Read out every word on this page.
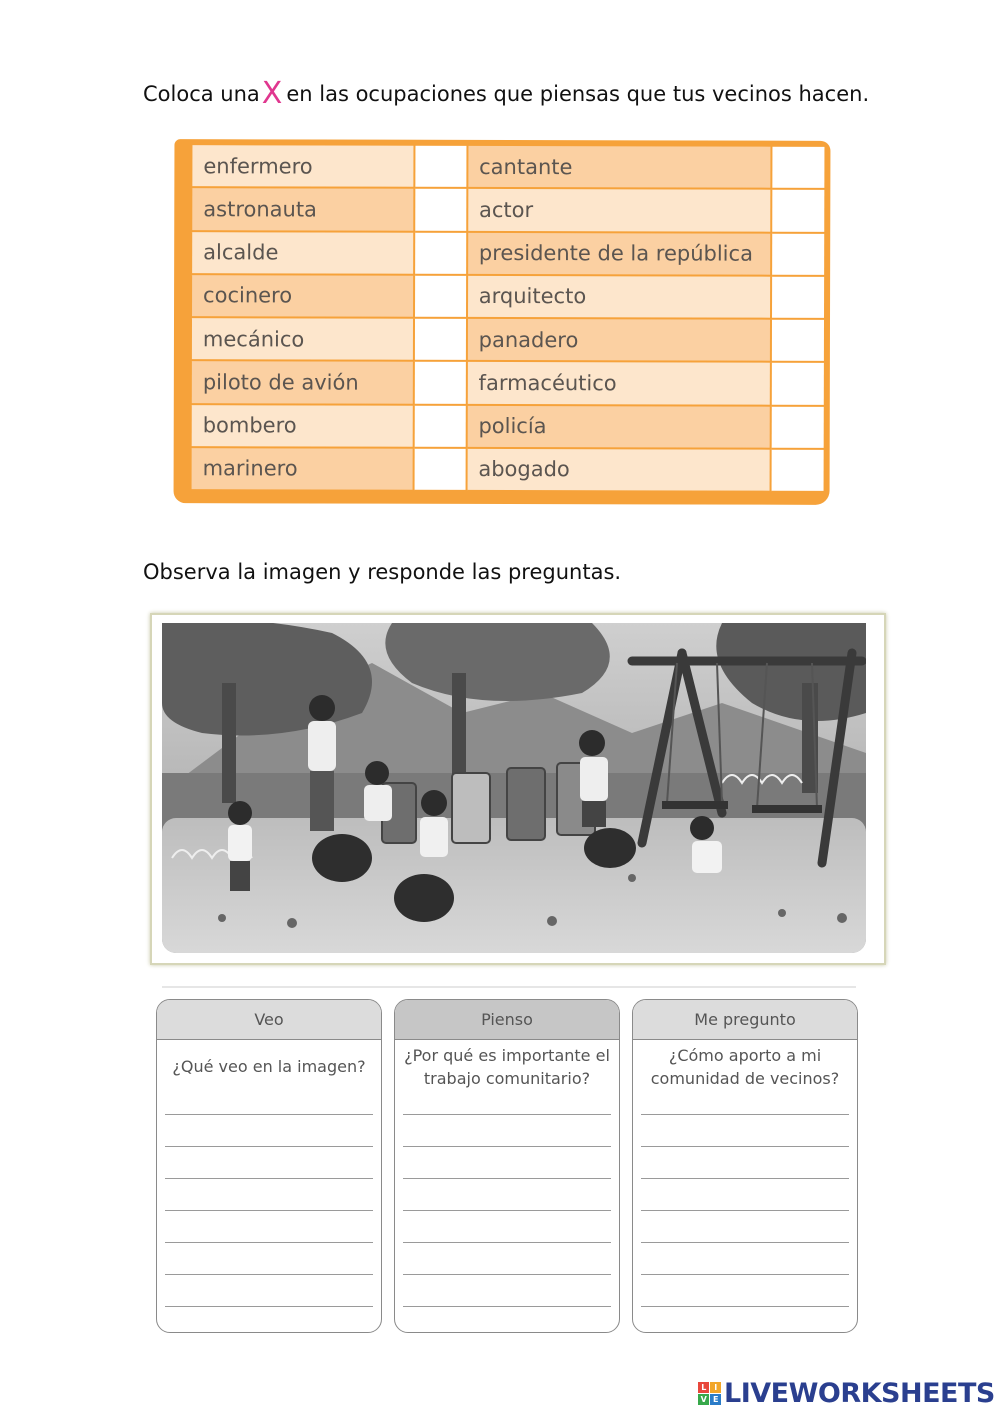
Coloca unaX en las ocupaciones que piensas que tus vecinos hacen.
enfermero		cantante	
astronauta		actor	
alcalde		presidente de la república	
cocinero		arquitecto	
mecánico		panadero	
piloto de avión		farmacéutico	
bombero		policía	
marinero		abogado	
Observa la imagen y responde las preguntas.
Veo
¿Qué veo en la imagen?
Pienso
¿Por qué es importante el trabajo comunitario?
Me pregunto
¿Cómo aporto a mi comunidad de vecinos?
L	I
V E LIVEWORKSHEETS
